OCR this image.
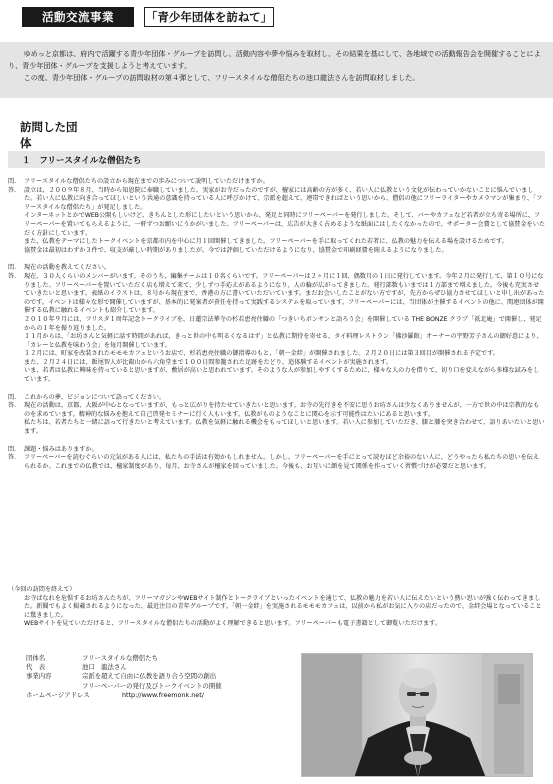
活動交流事業	「青少年団体を訪ねて」

ゆめっと京都は、府内で活躍する青少年団体・グループを訪問し、活動内容や夢や悩みを取材し、その結果を基にして、各地域での活動報告会を開催することにより、青少年団体・グループを支援しようと考えています。

この度、青少年団体・グループの訪問取材の第４弾として、フリースタイルな僧侶たちの池口龍法さんを訪問取材しました。

訪問した団体
１　フリースタイルな僧侶たち
問.	フリースタイルな僧侶たちの設立から現在までの歩みについて説明していただけますか。
答.	設立は、２００９年８月、当時から知恩院に奉職していました。実家がお寺だったのですが、檀家には高齢の方が多く、若い人に仏教という文化が伝わっていかないことに悩んでいました。若い人に仏教に向き合ってほしいという共通の意識を持っている人に呼びかけて、宗派を超えて、連帯できればという思いから、僧侶の他にフリーライターやカメラマンが集まり、「フリースタイルな僧侶たち」が発足しました。

インターネットとかでWEB公開もしいけど、きちんとした形にしたいという思いから、発足と同時にフリーペーパーを発行しました。そして、バーやカフェなど若者が立ち寄る場所に、フリーペーパーを置いてもらえるように、一軒ずつお願いにうかがいました。フリーペーパーは、広告が大きく占めるような紙面にはしたくなかったので、サポーター会費として協賛金をいただく方針にしています。

また、仏教をテーマにしたトークイベントを京都市内を中心に月１回開催してきました。フリーペーパーを手に取ってくれた若者に、仏教の魅力を伝える場を設けるためです。

協賛金は最初はわずか３件で、収支が厳しい時期がありましたが、今では評価していただけるようになり、協賛金で印刷経費を賄えるようになりました。

問.	現在の活動を教えてください。
答.	現在、３０人くらいのメンバーがいます。そのうち、編集チームは１０名くらいです。フリーペーパーは２ヶ月に１回、偶数月の１日に発行しています。今年２月に発行して、第１０号になりました。フリーペーパーを置いていただく店も増えて来て、少しずつ手応えがあるようになり、人の輪が広がってきました。発行部数もいまでは１万部まで増えました。今後も充実させていきたいと思います。表紙のイラストは、８号から現在まで、香港の方に書いていただいています。まだお会いしたことがない方ですが、先方からぜひ協力させてほしいと申し出があったのです。イベントは様々な形で開催していますが、基本的に発案者が責任を持って実践するシステムを取っています。フリーペーパーには、当団体が主催するイベントの他に、関連団体が開催する仏教に触れるイベントも紹介しています。

２０１０年９月には、フリスタ１周年記念トークライブを、日蓮宗法華寺の杉若恵亮住職の「つきいちボンサンと語ろう会」を開催している THE BONZE クラブ「祇北庵」で開催し、発足からの１年を振り返りました。

１１月からは、「お坊さんと気軽に話す時間があれば、きっと世の中も明るくなるはず」と仏教に期待を寄せる、タイ料理レストラン「佛沙羅館」オーナーの宇野芳子さんの御好意により、「カレーと仏教を味わう会」を毎月開催しています。

１２月には、町家を改装されたモモモカフェというお店で、杉若恵亮住職の御指導のもと、「朝一金絆」が開催されました。２月２０日には第３回目が開催される予定です。

また、２月２４日には、飯尾智人が比叡山から六角堂まで１００日間参籠された足跡をたどり、追体験するイベントが実施されます。

いま、若者は仏教に興味を持っていると思いますが、敷居が高いと思われています。そのような人が参加しやすくするために、様々な人の力を借りて、切り口を変えながら多様な試みをしています。

問.	これからの夢、ビジョンについて語ってください。
答.	現在の活動は、京都、大阪が中心となっていますが、もっと広がりを持たせていきたいと思います。お寺の先行きを不安に思うお坊さんは少なくありませんが、一方で世の中は宗教的なものを求めています。精神的な悩みを抱えて自己啓発セミナーに行く人もいます。仏教がものようなことに関心を示す可能性はたいにあると思います。

私たちは、若者たちと一緒に語って行きたいと考えています。仏教を気軽に触れる機会をもってほしいと思います。若い人に参加していただき、膝と膝を突き合わせて、語りあいたいと思います。

問.	課題・悩みはありますか。
答.	フリーペーパーを読むぐらいの元気がある人には、私たちの手法は有効かもしれません。しかし、フリーペーパーを手にとって読むほど余裕のない人に、どうやったら私たちの思いを伝えられるか。これまでの仏教では、檀家制度があり、毎月、お寺さんが檀家を回っていました。今後も、お互いに顔を見て関係を作っていく習慣づけが必要だと思います。

（今回の訪問を終えて）

お寺ばなれを危惧するお坊さんたちが、フリーマガジンやWEBサイト制作とトークライブといったイベントを通じて、仏教の魅力を若い人に伝えたいという熱い思いが強く伝わってきました。新聞でもよく掲載されるようになった、最近注目の青年グループです。「朝一金絆」を実施されるモモモカフェは、以前から私がお気に入りの店だったので、金絆会場となっていることに驚きました。

WEBサイトを見ていただけると、フリースタイルな僧侶たちの活動がよく理解できると思います。フリーペーパーも電子書籍として御覧いただけます。

団体名	フリースタイルな僧侶たち
代　表	池口　龍法さん
事業内容	宗派を超えて自由に仏教を語り合う空間の創出
フリーペーパーの発行及びトークイベントの開催
ホームページアドレス	http://www.freemonk.net/
